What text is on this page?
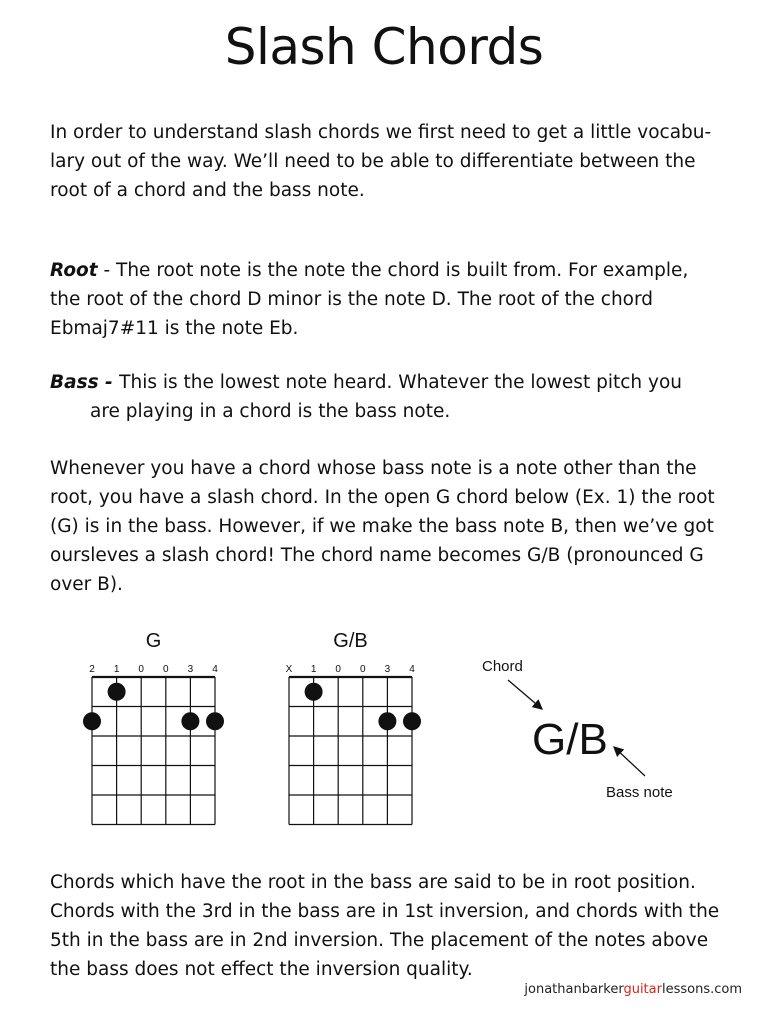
Slash Chords

In order to understand slash chords we first need to get a little vocabu-
lary out of the way. We’ll need to be able to differentiate between the
root of a chord and the bass note.

Root - The root note is the note the chord is built from. For example,
the root of the chord D minor is the note D. The root of the chord
Ebmaj7#11 is the note Eb.

Bass - This is the lowest note heard. Whatever the lowest pitch you
are playing in a chord is the bass note.

Whenever you have a chord whose bass note is a note other than the
root, you have a slash chord. In the open G chord below (Ex. 1) the root
(G) is in the bass. However, if we make the bass note B, then we’ve got
oursleves a slash chord! The chord name becomes G/B (pronounced G
over B).

G
2 1 0 0 3 4
G/B
X 1 0 0 3 4	Chord
G/B
Bass note

Chords which have the root in the bass are said to be in root position.
Chords with the 3rd in the bass are in 1st inversion, and chords with the
5th in the bass are in 2nd inversion. The placement of the notes above
the bass does not effect the inversion quality.

jonathanbarkerguitarlessons.com
